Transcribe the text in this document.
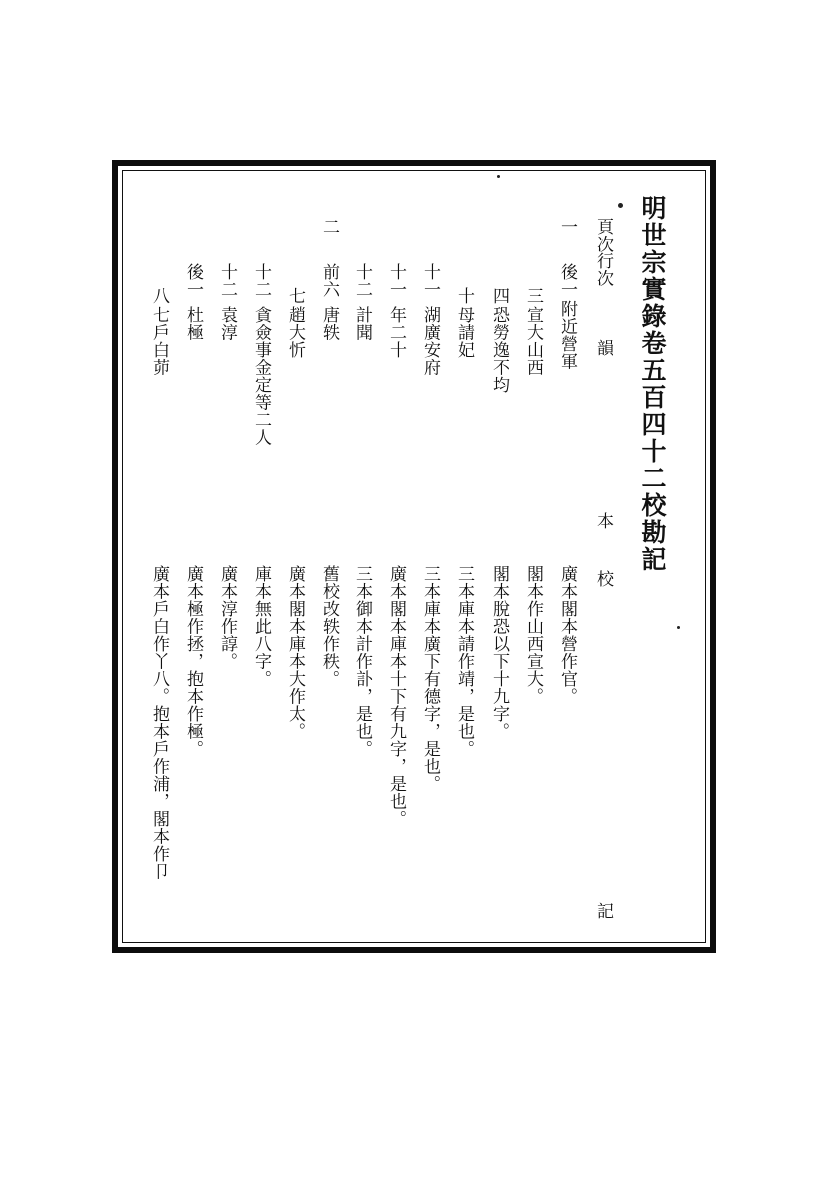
明世宗實錄卷五百四十二校勘記
頁次
行次
韻
本
校
記
一
後一
附近營軍
廣本閣本營作官。
三
宣大山西
閣本作山西宣大。
四
恐勞逸不均
閣本脫恐以下十九字。
十
母請妃
三本庫本請作靖，是也。
十一
湖廣安府
三本庫本廣下有德字，是也。
十一
年二十
廣本閣本庫本十下有九字，是也。
十二
計聞
三本御本計作訃，是也。
二
前六
唐轶
舊校改轶作秩。
七
趙大忻
廣本閣本庫本大作太。
十二
貪僉事金定等二人
庫本無此八字。
十二
袁淳
廣本淳作諄。
後一
杜極
廣本極作拯，抱本作極。
八
七戶白茆
廣本戶白作丫八。抱本戶作浦，閣本作卩
